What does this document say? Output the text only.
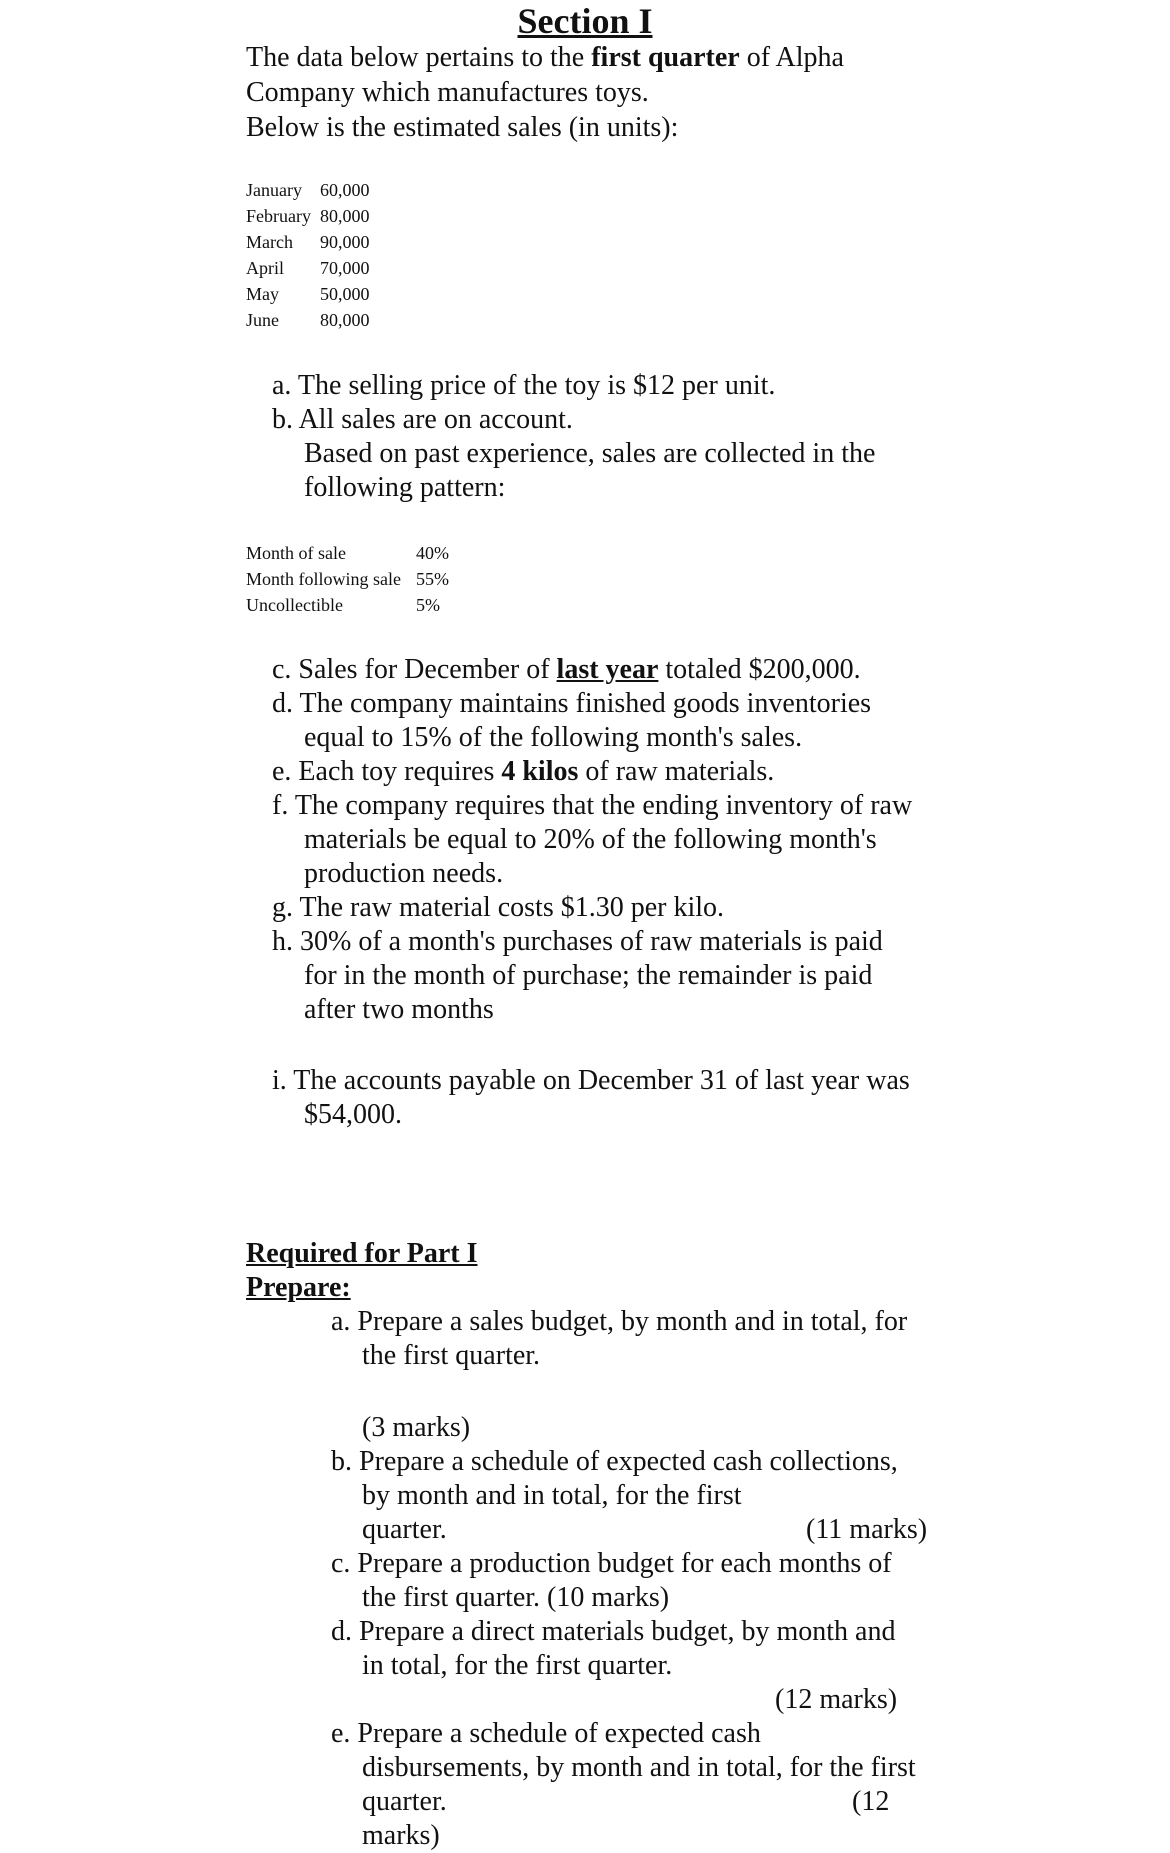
Section I

The data below pertains to the first quarter of Alpha

Company which manufactures toys.

Below is the estimated sales (in units):

January	60,000
February 80,000
March	90,000
April	70,000
May	50,000
June	80,000
a. The selling price of the toy is $12 per unit.
b. All sales are on account.
Based on past experience, sales are collected in the
following pattern:
Month of sale	40%
Month following sale 55%
Uncollectible	5%
c. Sales for December of last year totaled $200,000.
d. The company maintains finished goods inventories
equal to 15% of the following month's sales.
e. Each toy requires 4 kilos of raw materials.
f. The company requires that the ending inventory of raw
materials be equal to 20% of the following month's
production needs.
g. The raw material costs $1.30 per kilo.
h. 30% of a month's purchases of raw materials is paid
for in the month of purchase; the remainder is paid
after two months
i. The accounts payable on December 31 of last year was
$54,000.
Required for Part I
Prepare:
a. Prepare a sales budget, by month and in total, for
the first quarter.
(3 marks)
b. Prepare a schedule of expected cash collections,
by month and in total, for the first
quarter.	(11 marks)
c. Prepare a production budget for each months of
the first quarter. (10 marks)
d. Prepare a direct materials budget, by month and
in total, for the first quarter.
(12 marks)
e. Prepare a schedule of expected cash
disbursements, by month and in total, for the first
quarter.
marks)
(12
